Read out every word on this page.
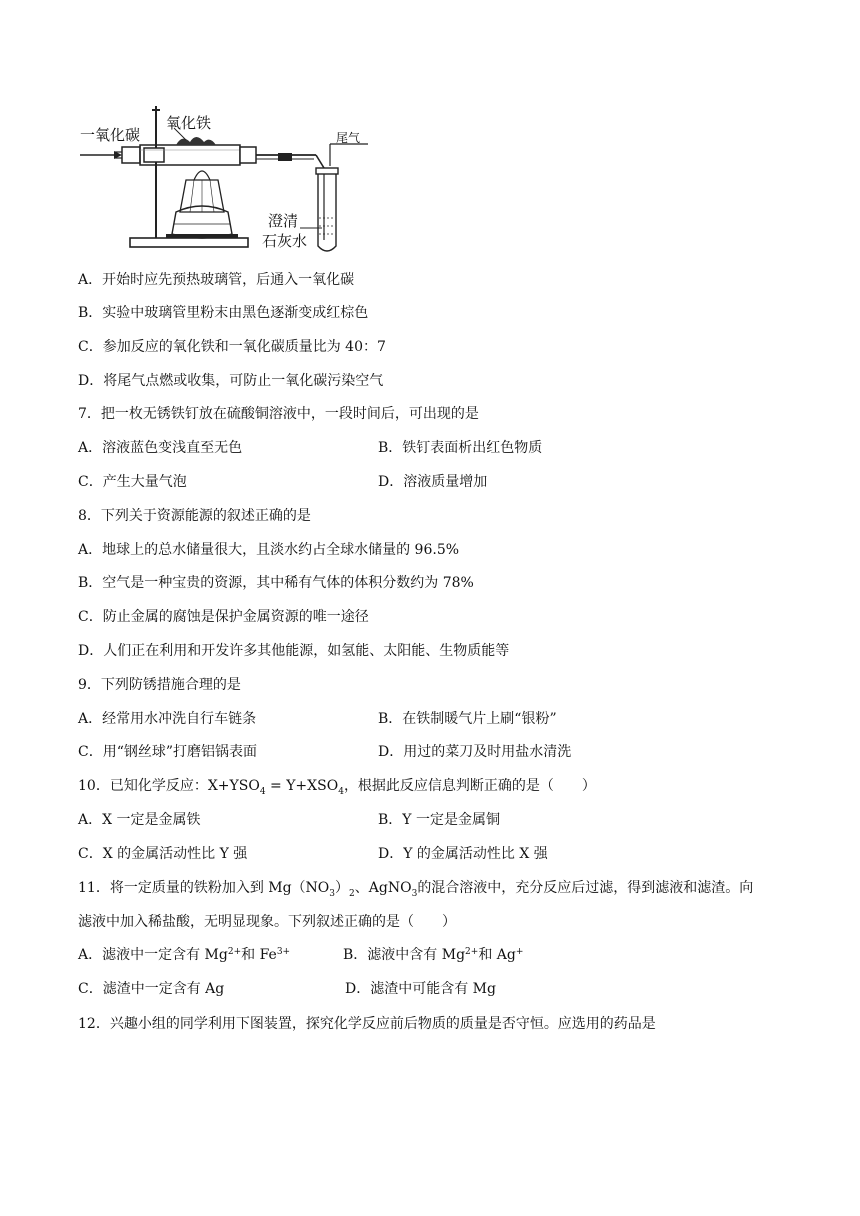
一氧化碳
氧化铁
尾气
澄清
石灰水
A．开始时应先预热玻璃管，后通入一氧化碳
B．实验中玻璃管里粉末由黑色逐渐变成红棕色
C．参加反应的氧化铁和一氧化碳质量比为 40：7
D．将尾气点燃或收集，可防止一氧化碳污染空气
7．把一枚无锈铁钉放在硫酸铜溶液中，一段时间后，可出现的是
A．溶液蓝色变浅直至无色	B．铁钉表面析出红色物质
C．产生大量气泡	D．溶液质量增加
8．下列关于资源能源的叙述正确的是
A．地球上的总水储量很大，且淡水约占全球水储量的 96.5%
B．空气是一种宝贵的资源，其中稀有气体的体积分数约为 78%
C．防止金属的腐蚀是保护金属资源的唯一途径
D．人们正在利用和开发许多其他能源，如氢能、太阳能、生物质能等
9．下列防锈措施合理的是
A．经常用水冲洗自行车链条	B．在铁制暖气片上刷“银粉”
C．用“钢丝球”打磨铝锅表面	D．用过的菜刀及时用盐水清洗
10．已知化学反应：$X+YSO_4 = Y+XSO_4$，根据此反应信息判断正确的是（　　）
A．X 一定是金属铁	B．Y 一定是金属铜
C．X 的金属活动性比 Y 强	D．Y 的金属活动性比 X 强
11．将一定质量的铁粉加入到 $Mg(NO_3)_2$、AgNO$_3$的混合溶液中，充分反应后过滤，得到滤液和滤渣。向
滤液中加入稀盐酸，无明显现象。下列叙述正确的是（　　）
A．滤液中一定含有 $Mg^{2+}$和 $Fe^{3+}$	B．滤液中含有 $Mg^{2+}$和 Ag+
C．滤渣中一定含有 Ag	D．滤渣中可能含有 Mg
12．兴趣小组的同学利用下图装置，探究化学反应前后物质的质量是否守恒。应选用的药品是
